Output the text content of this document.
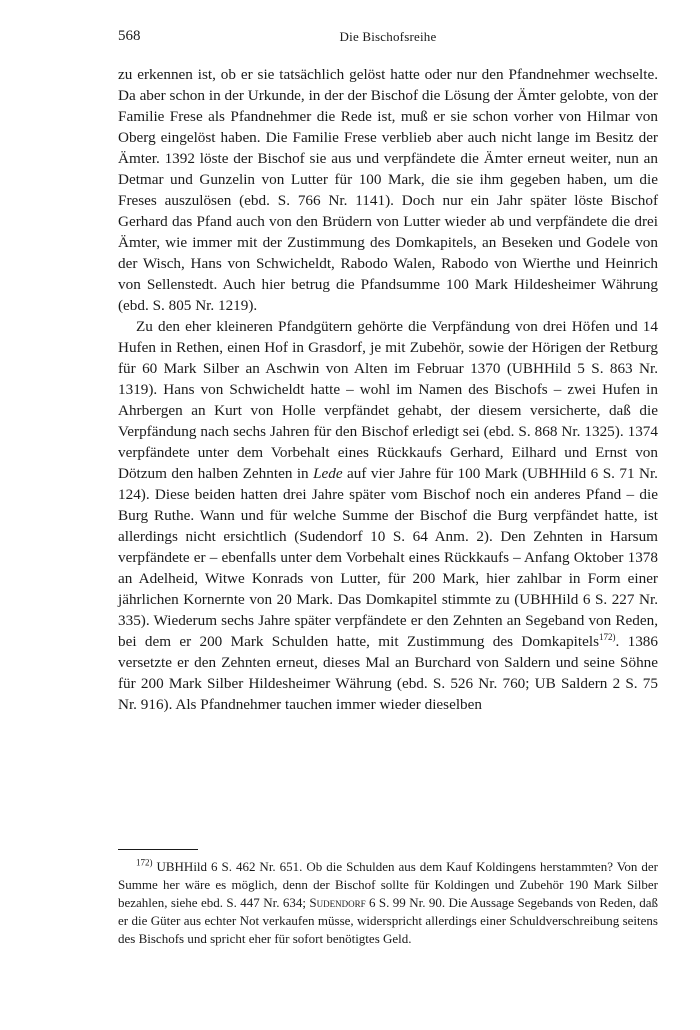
568	Die Bischofsreihe

zu erkennen ist, ob er sie tatsächlich gelöst hatte oder nur den Pfandnehmer wechselte. Da aber schon in der Urkunde, in der der Bischof die Lösung der Ämter gelobte, von der Familie Frese als Pfandnehmer die Rede ist, muß er sie schon vorher von Hilmar von Oberg eingelöst haben. Die Familie Frese verblieb aber auch nicht lange im Besitz der Ämter. 1392 löste der Bischof sie aus und verpfändete die Ämter erneut weiter, nun an Detmar und Gunzelin von Lutter für 100 Mark, die sie ihm gegeben haben, um die Freses auszulösen (ebd. S. 766 Nr. 1141). Doch nur ein Jahr später löste Bischof Gerhard das Pfand auch von den Brüdern von Lutter wieder ab und verpfändete die drei Ämter, wie immer mit der Zustimmung des Domkapitels, an Beseken und Godele von der Wisch, Hans von Schwicheldt, Rabodo Walen, Rabodo von Wierthe und Heinrich von Sellenstedt. Auch hier betrug die Pfandsumme 100 Mark Hildesheimer Währung (ebd. S. 805 Nr. 1219).

Zu den eher kleineren Pfandgütern gehörte die Verpfändung von drei Höfen und 14 Hufen in Rethen, einen Hof in Grasdorf, je mit Zubehör, sowie der Hörigen der Retburg für 60 Mark Silber an Aschwin von Alten im Februar 1370 (UBHHild 5 S. 863 Nr. 1319). Hans von Schwicheldt hatte – wohl im Namen des Bischofs – zwei Hufen in Ahrbergen an Kurt von Holle verpfändet gehabt, der diesem versicherte, daß die Verpfändung nach sechs Jahren für den Bischof erledigt sei (ebd. S. 868 Nr. 1325). 1374 verpfändete unter dem Vorbehalt eines Rückkaufs Gerhard, Eilhard und Ernst von Dötzum den halben Zehnten in Lede auf vier Jahre für 100 Mark (UBHHild 6 S. 71 Nr. 124). Diese beiden hatten drei Jahre später vom Bischof noch ein anderes Pfand – die Burg Ruthe. Wann und für welche Summe der Bischof die Burg verpfändet hatte, ist allerdings nicht ersichtlich (Sudendorf 10 S. 64 Anm. 2). Den Zehnten in Harsum verpfändete er – ebenfalls unter dem Vorbehalt eines Rückkaufs – Anfang Oktober 1378 an Adelheid, Witwe Konrads von Lutter, für 200 Mark, hier zahlbar in Form einer jährlichen Kornernte von 20 Mark. Das Domkapitel stimmte zu (UBHHild 6 S. 227 Nr. 335). Wiederum sechs Jahre später verpfändete er den Zehnten an Segeband von Reden, bei dem er 200 Mark Schulden hatte, mit Zustimmung des Domkapitels$^{172)}$. 1386 versetzte er den Zehnten erneut, dieses Mal an Burchard von Saldern und seine Söhne für 200 Mark Silber Hildesheimer Währung (ebd. S. 526 Nr. 760; UB Saldern 2 S. 75 Nr. 916). Als Pfandnehmer tauchen immer wieder dieselben

$^{172)}$ UBHHild 6 S. 462 Nr. 651. Ob die Schulden aus dem Kauf Koldingens herstammten? Von der Summe her wäre es möglich, denn der Bischof sollte für Koldingen und Zubehör 190 Mark Silber bezahlen, siehe ebd. S. 447 Nr. 634; Sudendorf 6 S. 99 Nr. 90. Die Aussage Segebands von Reden, daß er die Güter aus echter Not verkaufen müsse, widerspricht allerdings einer Schuldverschreibung seitens des Bischofs und spricht eher für sofort benötigtes Geld.
